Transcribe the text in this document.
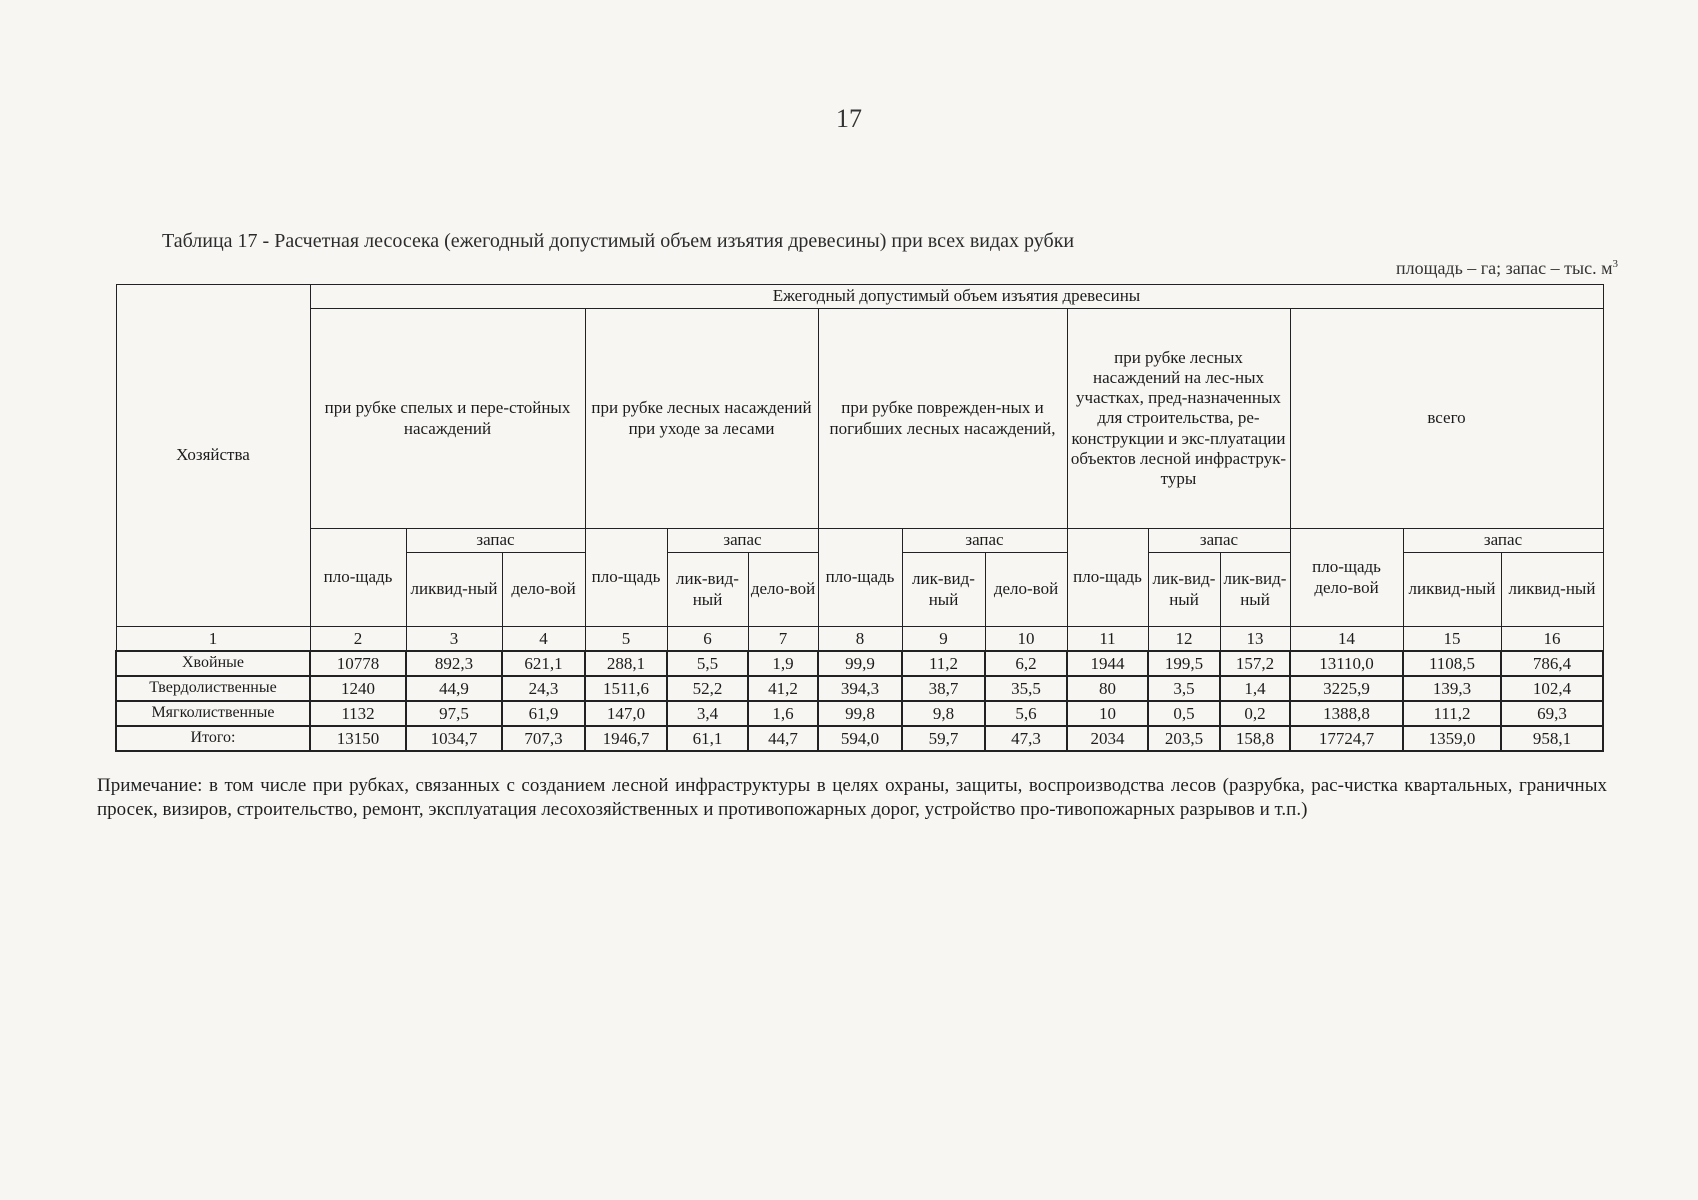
17
Таблица 17 - Расчетная лесосека (ежегодный допустимый объем изъятия древесины) при всех видах рубки
площадь – га; запас – тыс. $м^3$
Хозяйства	Ежегодный допустимый объем изъятия древесины														
	при рубке спелых и пере-стойных насаждений			при рубке лесных насаждений при уходе за лесами			при рубке поврежден-ных и погибших лесных насаждений,			при рубке лесных насаждений на лес-ных участках, пред-назначенных для строительства, ре-конструкции и экс-плуатации объектов лесной инфраструк-туры			всего		
	пло-щадь	запас		пло-щадь	запас		пло-щадь	запас		пло-щадь	запас		пло-щадь дело-вой	запас	
		ликвид-ный	дело-вой		лик-вид-ный	дело-вой		лик-вид-ный	дело-вой		лик-вид-ный	лик-вид-ный		ликвид-ный	ликвид-ный
1	2	3	4	5	6	7	8	9	10	11	12	13	14	15	16
Хвойные	10778	892,3	621,1	288,1	5,5	1,9	99,9	11,2	6,2	1944	199,5	157,2	13110,0	1108,5	786,4
Твердолиственные	1240	44,9	24,3	1511,6	52,2	41,2	394,3	38,7	35,5	80	3,5	1,4	3225,9	139,3	102,4
Мягколиственные	1132	97,5	61,9	147,0	3,4	1,6	99,8	9,8	5,6	10	0,5	0,2	1388,8	111,2	69,3
Итого:	13150	1034,7	707,3	1946,7	61,1	44,7	594,0	59,7	47,3	2034	203,5	158,8	17724,7	1359,0	958,1
Примечание: в том числе при рубках, связанных с созданием лесной инфраструктуры в целях охраны, защиты, воспроизводства лесов (разрубка, рас-чистка квартальных, граничных просек, визиров, строительство, ремонт, эксплуатация лесохозяйственных и противопожарных дорог, устройство про-тивопожарных разрывов и т.п.)
